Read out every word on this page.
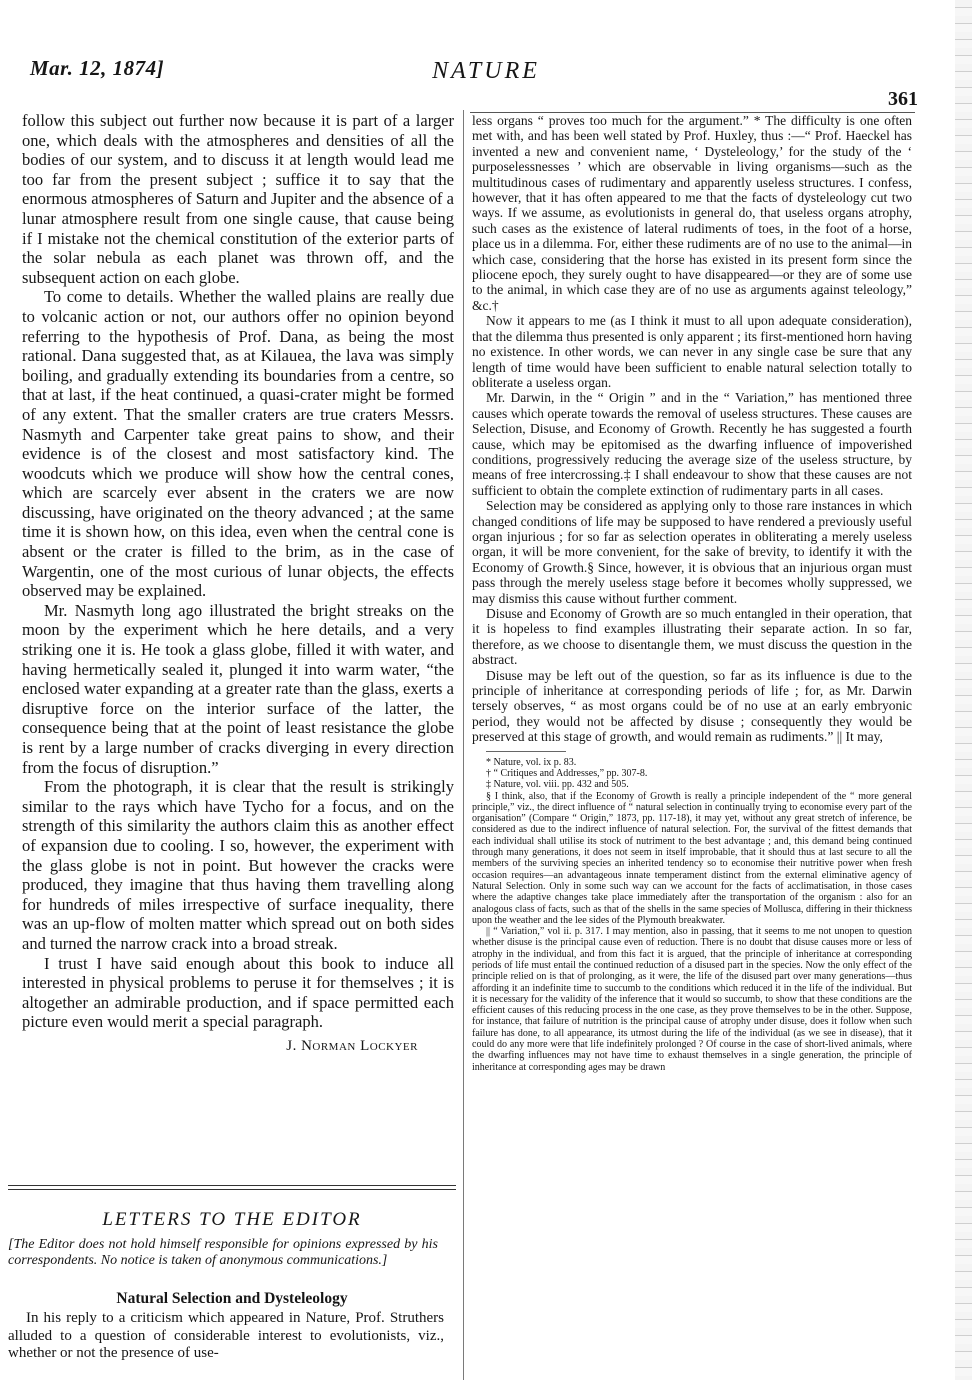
Mar. 12, 1874]	NATURE
361

follow this subject out further now because it is part of a larger one, which deals with the atmospheres and densities of all the bodies of our system, and to discuss it at length would lead me too far from the present subject ; suffice it to say that the enormous atmospheres of Saturn and Jupiter and the absence of a lunar atmosphere result from one single cause, that cause being if I mistake not the chemical constitution of the exterior parts of the solar nebula as each planet was thrown off, and the subsequent action on each globe.

To come to details. Whether the walled plains are really due to volcanic action or not, our authors offer no opinion beyond referring to the hypothesis of Prof. Dana, as being the most rational. Dana suggested that, as at Kilauea, the lava was simply boiling, and gradually extending its boundaries from a centre, so that at last, if the heat continued, a quasi-crater might be formed of any extent. That the smaller craters are true craters Messrs. Nasmyth and Carpenter take great pains to show, and their evidence is of the closest and most satisfactory kind. The woodcuts which we produce will show how the central cones, which are scarcely ever absent in the craters we are now discussing, have originated on the theory advanced ; at the same time it is shown how, on this idea, even when the central cone is absent or the crater is filled to the brim, as in the case of Wargentin, one of the most curious of lunar objects, the effects observed may be explained.

Mr. Nasmyth long ago illustrated the bright streaks on the moon by the experiment which he here details, and a very striking one it is. He took a glass globe, filled it with water, and having hermetically sealed it, plunged it into warm water, “the enclosed water expanding at a greater rate than the glass, exerts a disruptive force on the interior surface of the latter, the consequence being that at the point of least resistance the globe is rent by a large number of cracks diverging in every direction from the focus of disruption.”

From the photograph, it is clear that the result is strikingly similar to the rays which have Tycho for a focus, and on the strength of this similarity the authors claim this as another effect of expansion due to cooling. I so, however, the experiment with the glass globe is not in point. But however the cracks were produced, they imagine that thus having them travelling along for hundreds of miles irrespective of surface inequality, there was an up-flow of molten matter which spread out on both sides and turned the narrow crack into a broad streak.

I trust I have said enough about this book to induce all interested in physical problems to peruse it for themselves ; it is altogether an admirable production, and if space permitted each picture even would merit a special paragraph.

J. Norman Lockyer
LETTERS TO THE EDITOR
[The Editor does not hold himself responsible for opinions expressed by his correspondents. No notice is taken of anonymous communications.]
Natural Selection and Dysteleology

In his reply to a criticism which appeared in Nature, Prof. Struthers alluded to a question of considerable interest to evolutionists, viz., whether or not the presence of use-

less organs “ proves too much for the argument.” * The difficulty is one often met with, and has been well stated by Prof. Huxley, thus :—“ Prof. Haeckel has invented a new and convenient name, ‘ Dysteleology,’ for the study of the ‘ purposelessnesses ’ which are observable in living organisms—such as the multitudinous cases of rudimentary and apparently useless structures. I confess, however, that it has often appeared to me that the facts of dysteleology cut two ways. If we assume, as evolutionists in general do, that useless organs atrophy, such cases as the existence of lateral rudiments of toes, in the foot of a horse, place us in a dilemma. For, either these rudiments are of no use to the animal—in which case, considering that the horse has existed in its present form since the pliocene epoch, they surely ought to have disappeared—or they are of some use to the animal, in which case they are of no use as arguments against teleology,” &c.†

Now it appears to me (as I think it must to all upon adequate consideration), that the dilemma thus presented is only apparent ; its first-mentioned horn having no existence. In other words, we can never in any single case be sure that any length of time would have been sufficient to enable natural selection totally to obliterate a useless organ.

Mr. Darwin, in the “ Origin ” and in the “ Variation,” has mentioned three causes which operate towards the removal of useless structures. These causes are Selection, Disuse, and Economy of Growth. Recently he has suggested a fourth cause, which may be epitomised as the dwarfing influence of impoverished conditions, progressively reducing the average size of the useless structure, by means of free intercrossing.‡ I shall endeavour to show that these causes are not sufficient to obtain the complete extinction of rudimentary parts in all cases.

Selection may be considered as applying only to those rare instances in which changed conditions of life may be supposed to have rendered a previously useful organ injurious ; for so far as selection operates in obliterating a merely useless organ, it will be more convenient, for the sake of brevity, to identify it with the Economy of Growth.§ Since, however, it is obvious that an injurious organ must pass through the merely useless stage before it becomes wholly suppressed, we may dismiss this cause without further comment.

Disuse and Economy of Growth are so much entangled in their operation, that it is hopeless to find examples illustrating their separate action. In so far, therefore, as we choose to disentangle them, we must discuss the question in the abstract.

Disuse may be left out of the question, so far as its influence is due to the principle of inheritance at corresponding periods of life ; for, as Mr. Darwin tersely observes, “ as most organs could be of no use at an early embryonic period, they would not be affected by disuse ; consequently they would be preserved at this stage of growth, and would remain as rudiments.” || It may,

* Nature, vol. ix p. 83.

† “ Critiques and Addresses,” pp. 307-8.

‡ Nature, vol. viii. pp. 432 and 505.

§ I think, also, that if the Economy of Growth is really a principle independent of the “ more general principle,” viz., the direct influence of “ natural selection in continually trying to economise every part of the organisation” (Compare “ Origin,” 1873, pp. 117-18), it may yet, without any great stretch of inference, be considered as due to the indirect influence of natural selection. For, the survival of the fittest demands that each individual shall utilise its stock of nutriment to the best advantage ; and, this demand being continued through many generations, it does not seem in itself improbable, that it should thus at last secure to all the members of the surviving species an inherited tendency so to economise their nutritive power when fresh occasion requires—an advantageous innate temperament distinct from the external eliminative agency of Natural Selection. Only in some such way can we account for the facts of acclimatisation, in those cases where the adaptive changes take place immediately after the transportation of the organism : also for an analogous class of facts, such as that of the shells in the same species of Mollusca, differing in their thickness upon the weather and the lee sides of the Plymouth breakwater.

|| “ Variation,” vol ii. p. 317. I may mention, also in passing, that it seems to me not unopen to question whether disuse is the principal cause even of reduction. There is no doubt that disuse causes more or less of atrophy in the individual, and from this fact it is argued, that the principle of inheritance at corresponding periods of life must entail the continued reduction of a disused part in the species. Now the only effect of the principle relied on is that of prolonging, as it were, the life of the disused part over many generations—thus affording it an indefinite time to succumb to the conditions which reduced it in the life of the individual. But it is necessary for the validity of the inference that it would so succumb, to show that these conditions are the efficient causes of this reducing process in the one case, as they prove themselves to be in the other. Suppose, for instance, that failure of nutrition is the principal cause of atrophy under disuse, does it follow when such failure has done, to all appearance, its utmost during the life of the individual (as we see in disease), that it could do any more were that life indefinitely prolonged ? Of course in the case of short-lived animals, where the dwarfing influences may not have time to exhaust themselves in a single generation, the principle of inheritance at corresponding ages may be drawn
